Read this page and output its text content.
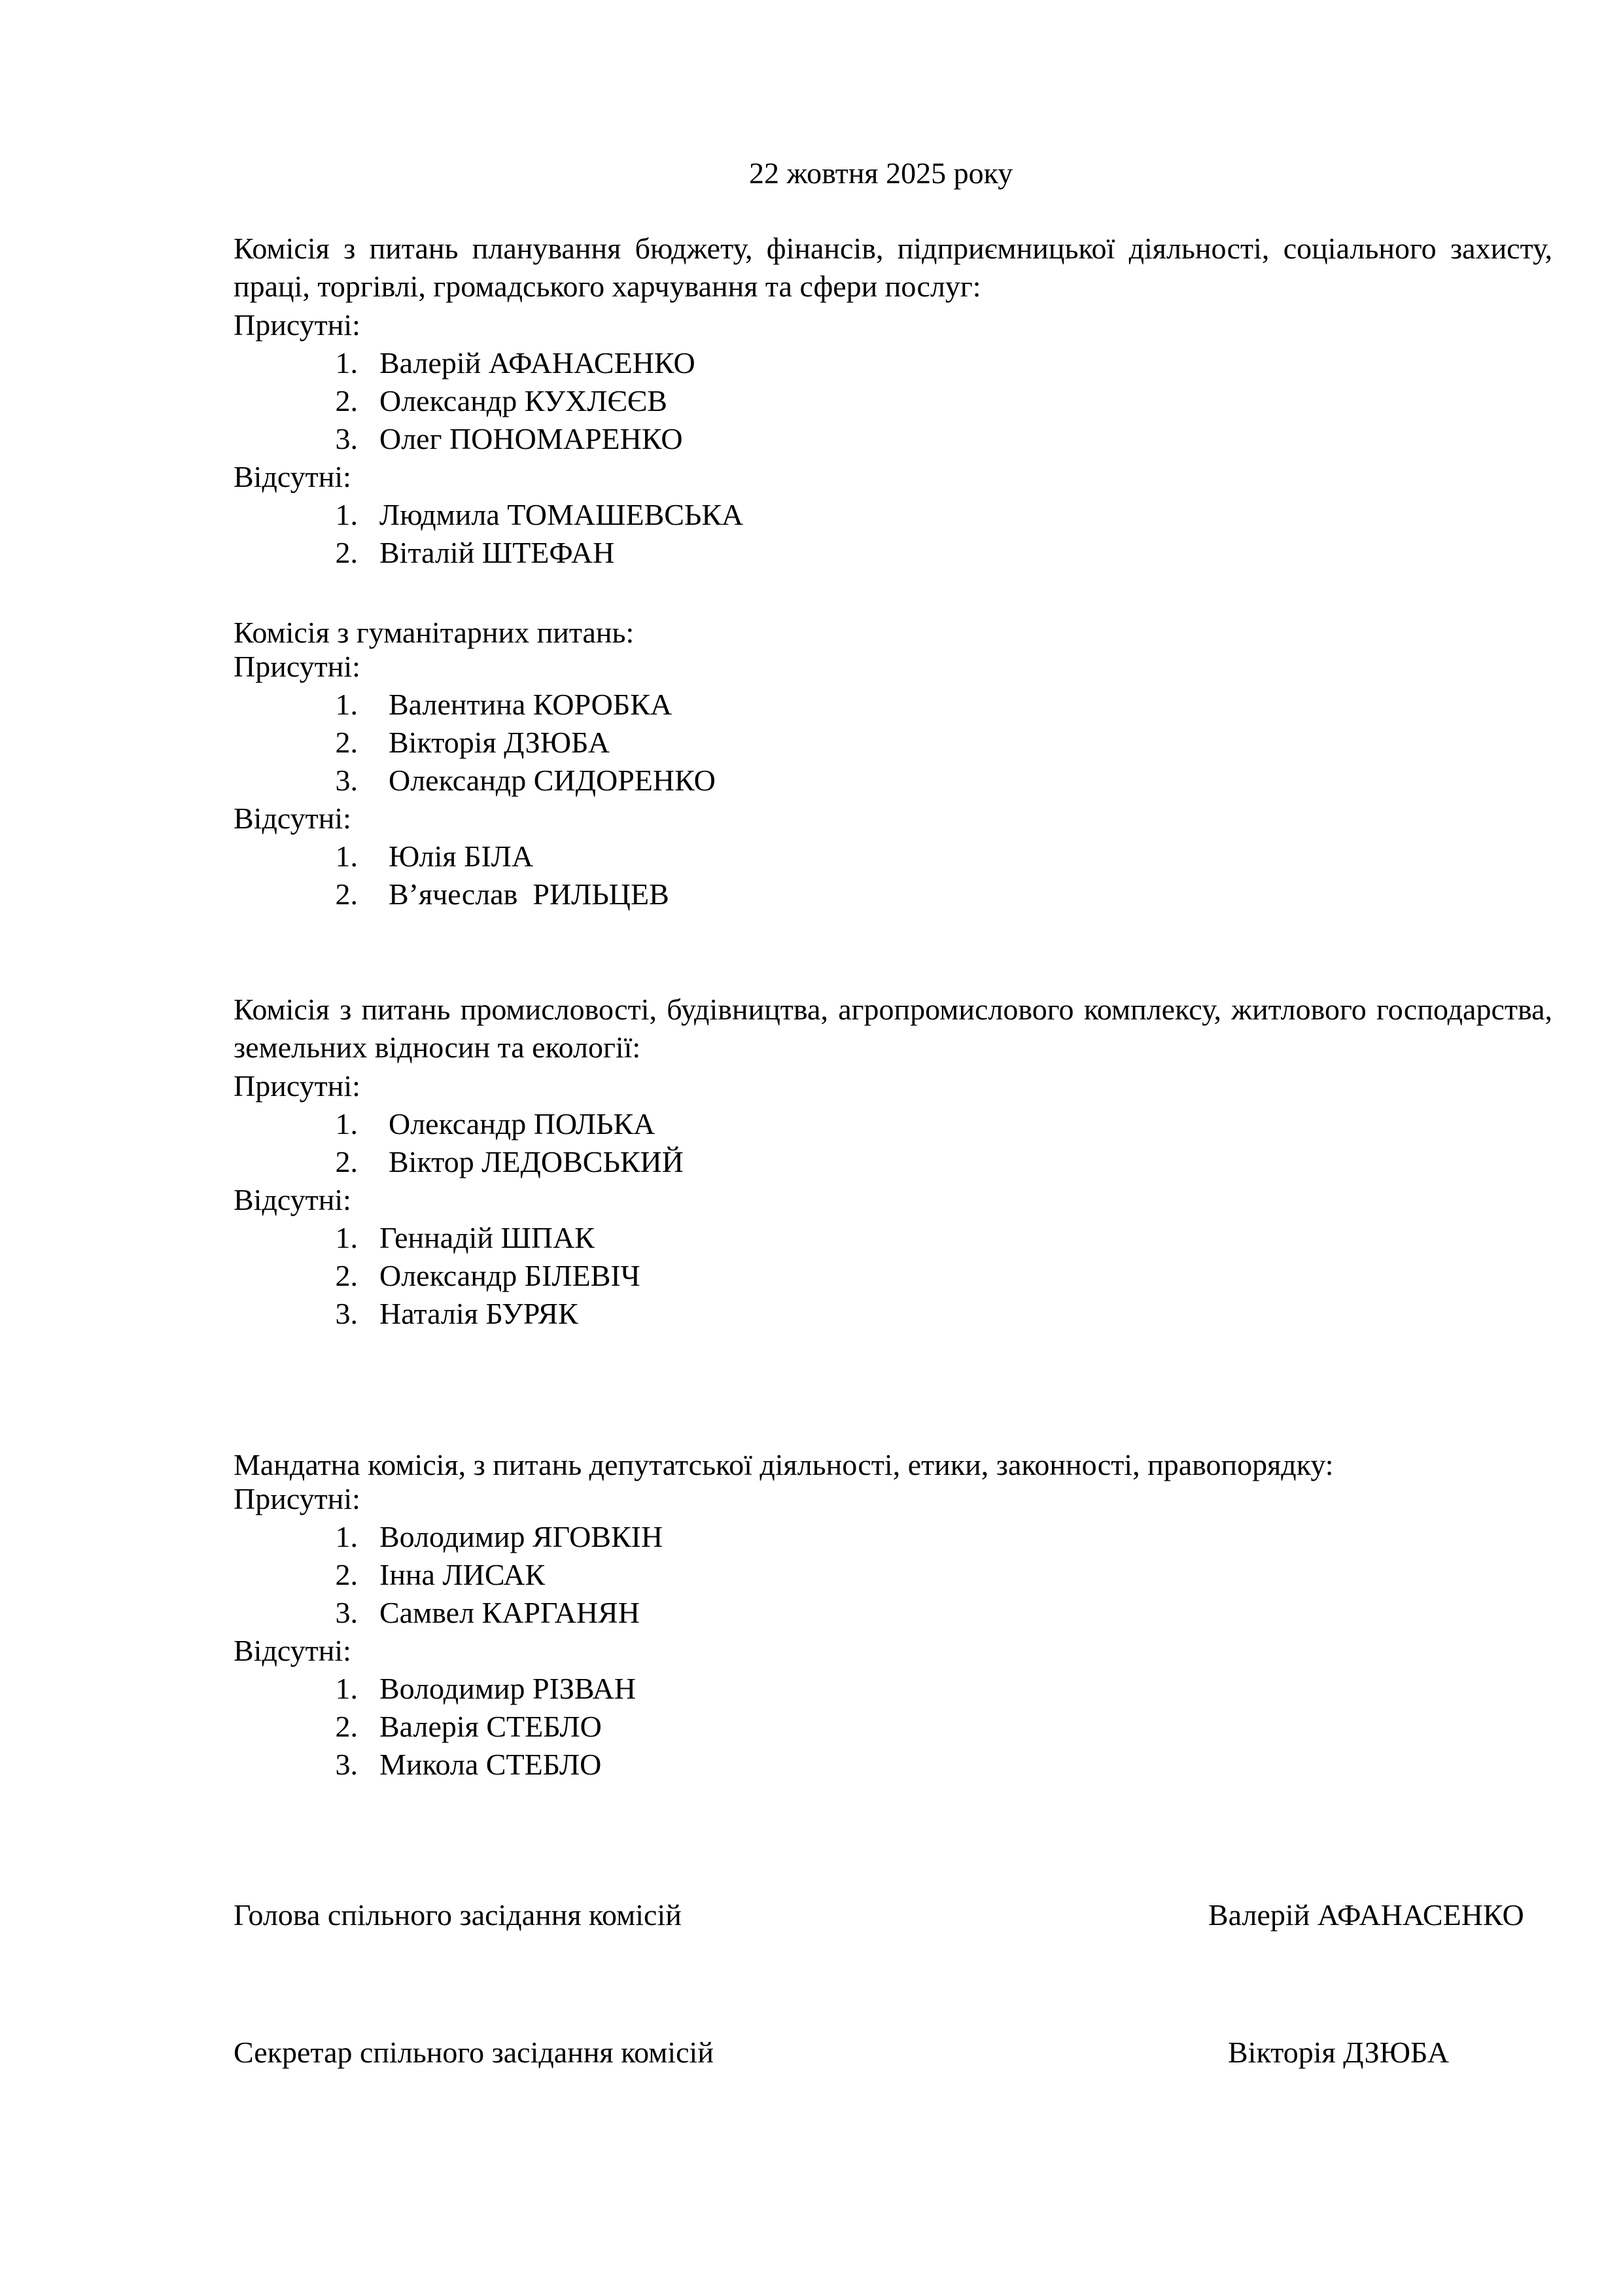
22 жовтня 2025 року
Комісія з питань планування бюджету, фінансів, підприємницької діяльності, соціального захисту, праці, торгівлі, громадського харчування та сфери послуг:
Присутні:
1. Валерій АФАНАСЕНКО
2. Олександр КУХЛЄЄВ
3. Олег ПОНОМАРЕНКО
Відсутні:
1. Людмила ТОМАШЕВСЬКА
2. Віталій ШТЕФАН
Комісія з гуманітарних питань:
Присутні:
1. Валентина КОРОБКА
2. Вікторія ДЗЮБА
3. Олександр СИДОРЕНКО
Відсутні:
1. Юлія БІЛА
2. В’ячеслав  РИЛЬЦЕВ
Комісія з питань промисловості, будівництва, агропромислового комплексу, житлового господарства, земельних відносин та екології:
Присутні:
1. Олександр ПОЛЬКА
2. Віктор ЛЕДОВСЬКИЙ
Відсутні:
1. Геннадій ШПАК
2. Олександр БІЛЕВІЧ
3. Наталія БУРЯК
Мандатна комісія, з питань депутатської діяльності, етики, законності, правопорядку:
Присутні:
1. Володимир ЯГОВКІН
2. Інна ЛИСАК
3. Самвел КАРГАНЯН
Відсутні:
1. Володимир РІЗВАН
2. Валерія СТЕБЛО
3. Микола СТЕБЛО
Голова спільного засідання комісій	Валерій АФАНАСЕНКО
Секретар спільного засідання комісій	Вікторія ДЗЮБА
